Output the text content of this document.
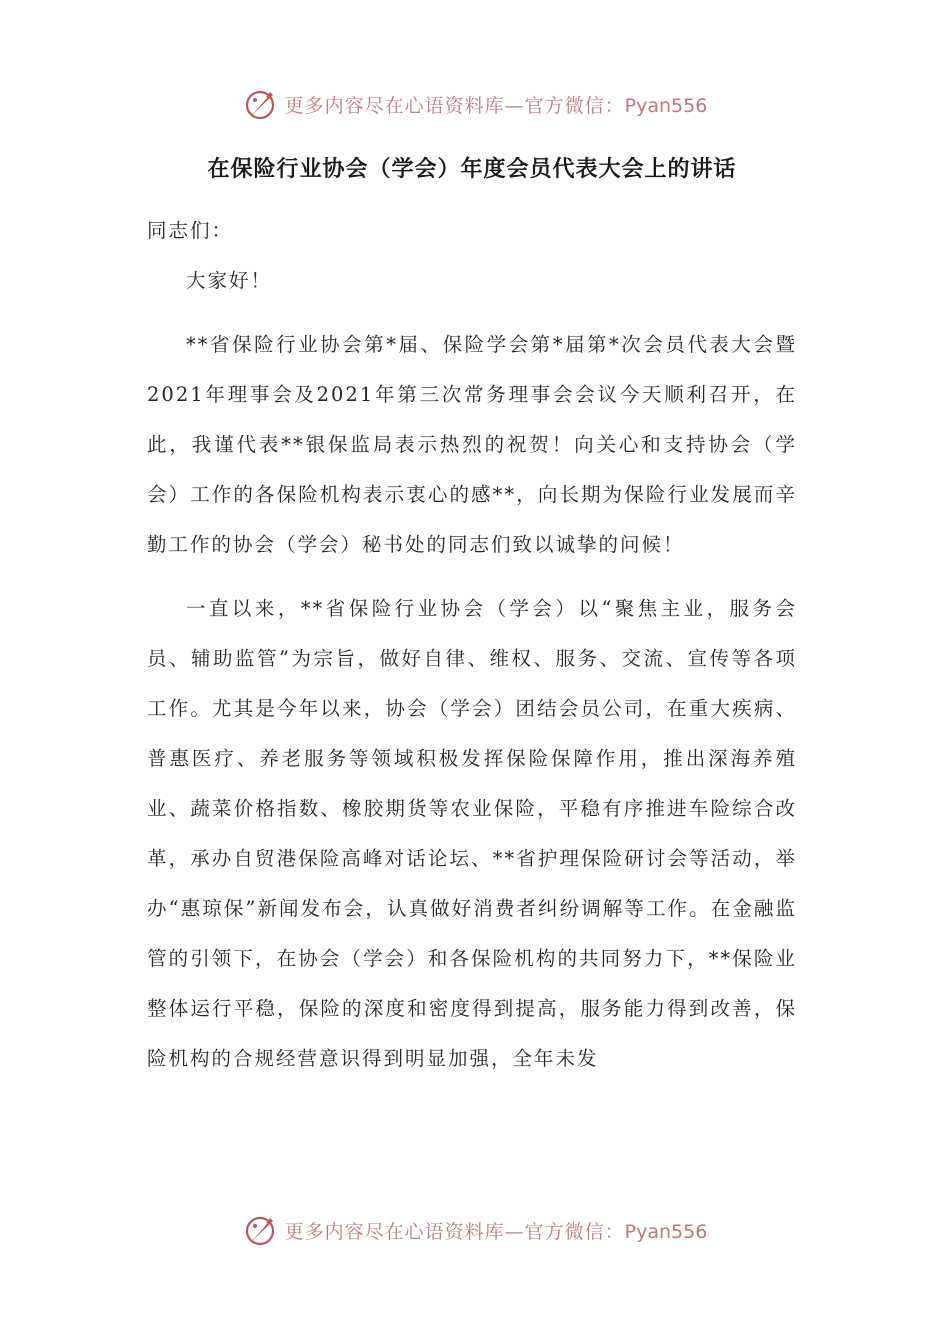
更多内容尽在心语资料库—官方微信：Pyan556
在保险行业协会（学会）年度会员代表大会上的讲话
同志们：

大家好！

**省保险行业协会第*届、保险学会第*届第*次会员代表大会暨2021年理事会及2021年第三次常务理事会会议今天顺利召开，在此，我谨代表**银保监局表示热烈的祝贺！向关心和支持协会（学会）工作的各保险机构表示衷心的感**，向长期为保险行业发展而辛勤工作的协会（学会）秘书处的同志们致以诚挚的问候！

一直以来，**省保险行业协会（学会）以“聚焦主业，服务会员、辅助监管”为宗旨，做好自律、维权、服务、交流、宣传等各项工作。尤其是今年以来，协会（学会）团结会员公司，在重大疾病、普惠医疗、养老服务等领域积极发挥保险保障作用，推出深海养殖业、蔬菜价格指数、橡胶期货等农业保险，平稳有序推进车险综合改革，承办自贸港保险高峰对话论坛、**省护理保险研讨会等活动，举办“惠琼保”新闻发布会，认真做好消费者纠纷调解等工作。在金融监管的引领下，在协会（学会）和各保险机构的共同努力下，**保险业整体运行平稳，保险的深度和密度得到提高，服务能力得到改善，保险机构的合规经营意识得到明显加强，全年未发

更多内容尽在心语资料库—官方微信：Pyan556
